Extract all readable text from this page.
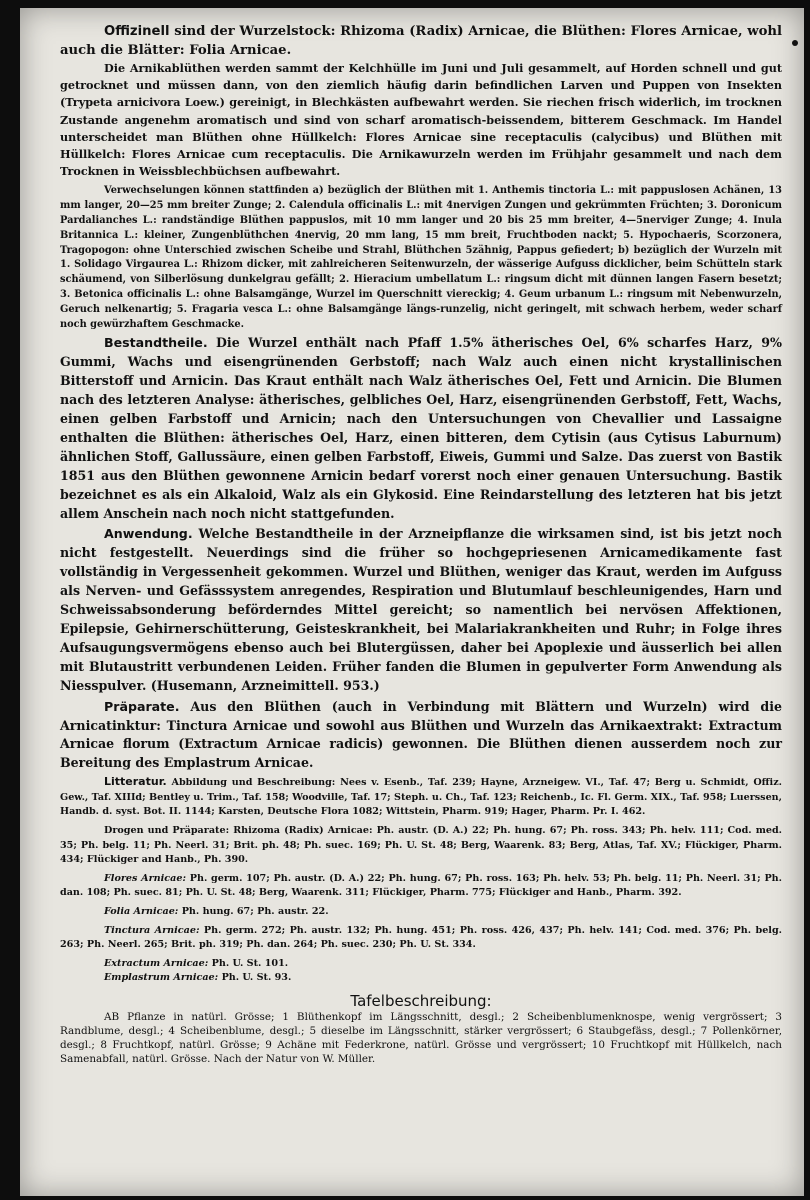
Offizinell sind der Wurzelstock: Rhizoma (Radix) Arnicae, die Blüthen: Flores Arnicae, wohl auch die Blätter: Folia Arnicae.

Die Arnikablüthen werden sammt der Kelchhülle im Juni und Juli gesammelt, auf Horden schnell und gut getrocknet und müssen dann, von den ziemlich häufig darin befindlichen Larven und Puppen von Insekten (Trypeta arnicivora Loew.) gereinigt, in Blechkästen aufbewahrt werden. Sie riechen frisch widerlich, im trocknen Zustande angenehm aromatisch und sind von scharf aromatisch-beissendem, bitterem Geschmack. Im Handel unterscheidet man Blüthen ohne Hüllkelch: Flores Arnicae sine receptaculis (calycibus) und Blüthen mit Hüllkelch: Flores Arnicae cum receptaculis. Die Arnikawurzeln werden im Frühjahr gesammelt und nach dem Trocknen in Weissblechbüchsen aufbewahrt.

Verwechselungen können stattfinden a) bezüglich der Blüthen mit 1. Anthemis tinctoria L.: mit pappuslosen Achänen, 13 mm langer, 20—25 mm breiter Zunge; 2. Calendula officinalis L.: mit 4nervigen Zungen und gekrümmten Früchten; 3. Doronicum Pardalianches L.: randständige Blüthen pappuslos, mit 10 mm langer und 20 bis 25 mm breiter, 4—5nerviger Zunge; 4. Inula Britannica L.: kleiner, Zungenblüthchen 4nervig, 20 mm lang, 15 mm breit, Fruchtboden nackt; 5. Hypochaeris, Scorzonera, Tragopogon: ohne Unterschied zwischen Scheibe und Strahl, Blüthchen 5zähnig, Pappus gefiedert; b) bezüglich der Wurzeln mit 1. Solidago Virgaurea L.: Rhizom dicker, mit zahlreicheren Seitenwurzeln, der wässerige Aufguss dicklicher, beim Schütteln stark schäumend, von Silberlösung dunkelgrau gefällt; 2. Hieracium umbellatum L.: ringsum dicht mit dünnen langen Fasern besetzt; 3. Betonica officinalis L.: ohne Balsamgänge, Wurzel im Querschnitt viereckig; 4. Geum urbanum L.: ringsum mit Nebenwurzeln, Geruch nelkenartig; 5. Fragaria vesca L.: ohne Balsamgänge längs-runzelig, nicht geringelt, mit schwach herbem, weder scharf noch gewürzhaftem Geschmacke.

Bestandtheile. Die Wurzel enthält nach Pfaff 1.5% ätherisches Oel, 6% scharfes Harz, 9% Gummi, Wachs und eisengrünenden Gerbstoff; nach Walz auch einen nicht krystallinischen Bitterstoff und Arnicin. Das Kraut enthält nach Walz ätherisches Oel, Fett und Arnicin. Die Blumen nach des letzteren Analyse: ätherisches, gelbliches Oel, Harz, eisengrünenden Gerbstoff, Fett, Wachs, einen gelben Farbstoff und Arnicin; nach den Untersuchungen von Chevallier und Lassaigne enthalten die Blüthen: ätherisches Oel, Harz, einen bitteren, dem Cytisin (aus Cytisus Laburnum) ähnlichen Stoff, Gallussäure, einen gelben Farbstoff, Eiweis, Gummi und Salze. Das zuerst von Bastik 1851 aus den Blüthen gewonnene Arnicin bedarf vorerst noch einer genauen Untersuchung. Bastik bezeichnet es als ein Alkaloid, Walz als ein Glykosid. Eine Reindarstellung des letzteren hat bis jetzt allem Anschein nach noch nicht stattgefunden.

Anwendung. Welche Bestandtheile in der Arzneipflanze die wirksamen sind, ist bis jetzt noch nicht festgestellt. Neuerdings sind die früher so hochgepriesenen Arnicamedikamente fast vollständig in Vergessenheit gekommen. Wurzel und Blüthen, weniger das Kraut, werden im Aufguss als Nerven- und Gefässsystem anregendes, Respiration und Blutumlauf beschleunigendes, Harn und Schweissabsonderung beförderndes Mittel gereicht; so namentlich bei nervösen Affektionen, Epilepsie, Gehirnerschütterung, Geisteskrankheit, bei Malariakrankheiten und Ruhr; in Folge ihres Aufsaugungsvermögens ebenso auch bei Blutergüssen, daher bei Apoplexie und äusserlich bei allen mit Blutaustritt verbundenen Leiden. Früher fanden die Blumen in gepulverter Form Anwendung als Niesspulver. (Husemann, Arzneimittell. 953.)

Präparate. Aus den Blüthen (auch in Verbindung mit Blättern und Wurzeln) wird die Arnicatinktur: Tinctura Arnicae und sowohl aus Blüthen und Wurzeln das Arnikaextrakt: Extractum Arnicae florum (Extractum Arnicae radicis) gewonnen. Die Blüthen dienen ausserdem noch zur Bereitung des Emplastrum Arnicae.

Litteratur. Abbildung und Beschreibung: Nees v. Esenb., Taf. 239; Hayne, Arzneigew. VI., Taf. 47; Berg u. Schmidt, Offiz. Gew., Taf. XIIId; Bentley u. Trim., Taf. 158; Woodville, Taf. 17; Steph. u. Ch., Taf. 123; Reichenb., Ic. Fl. Germ. XIX., Taf. 958; Luerssen, Handb. d. syst. Bot. II. 1144; Karsten, Deutsche Flora 1082; Wittstein, Pharm. 919; Hager, Pharm. Pr. I. 462.

Drogen und Präparate: Rhizoma (Radix) Arnicae: Ph. austr. (D. A.) 22; Ph. hung. 67; Ph. ross. 343; Ph. helv. 111; Cod. med. 35; Ph. belg. 11; Ph. Neerl. 31; Brit. ph. 48; Ph. suec. 169; Ph. U. St. 48; Berg, Waarenk. 83; Berg, Atlas, Taf. XV.; Flückiger, Pharm. 434; Flückiger and Hanb., Ph. 390.

Flores Arnicae: Ph. germ. 107; Ph. austr. (D. A.) 22; Ph. hung. 67; Ph. ross. 163; Ph. helv. 53; Ph. belg. 11; Ph. Neerl. 31; Ph. dan. 108; Ph. suec. 81; Ph. U. St. 48; Berg, Waarenk. 311; Flückiger, Pharm. 775; Flückiger and Hanb., Pharm. 392.

Folia Arnicae: Ph. hung. 67; Ph. austr. 22.

Tinctura Arnicae: Ph. germ. 272; Ph. austr. 132; Ph. hung. 451; Ph. ross. 426, 437; Ph. helv. 141; Cod. med. 376; Ph. belg. 263; Ph. Neerl. 265; Brit. ph. 319; Ph. dan. 264; Ph. suec. 230; Ph. U. St. 334.

Extractum Arnicae: Ph. U. St. 101.

Emplastrum Arnicae: Ph. U. St. 93.

Tafelbeschreibung:

AB Pflanze in natürl. Grösse; 1 Blüthenkopf im Längsschnitt, desgl.; 2 Scheibenblumenknospe, wenig vergrössert; 3 Randblume, desgl.; 4 Scheibenblume, desgl.; 5 dieselbe im Längsschnitt, stärker vergrössert; 6 Staubgefäss, desgl.; 7 Pollenkörner, desgl.; 8 Fruchtkopf, natürl. Grösse; 9 Achäne mit Federkrone, natürl. Grösse und vergrössert; 10 Fruchtkopf mit Hüllkelch, nach Samenabfall, natürl. Grösse. Nach der Natur von W. Müller.
